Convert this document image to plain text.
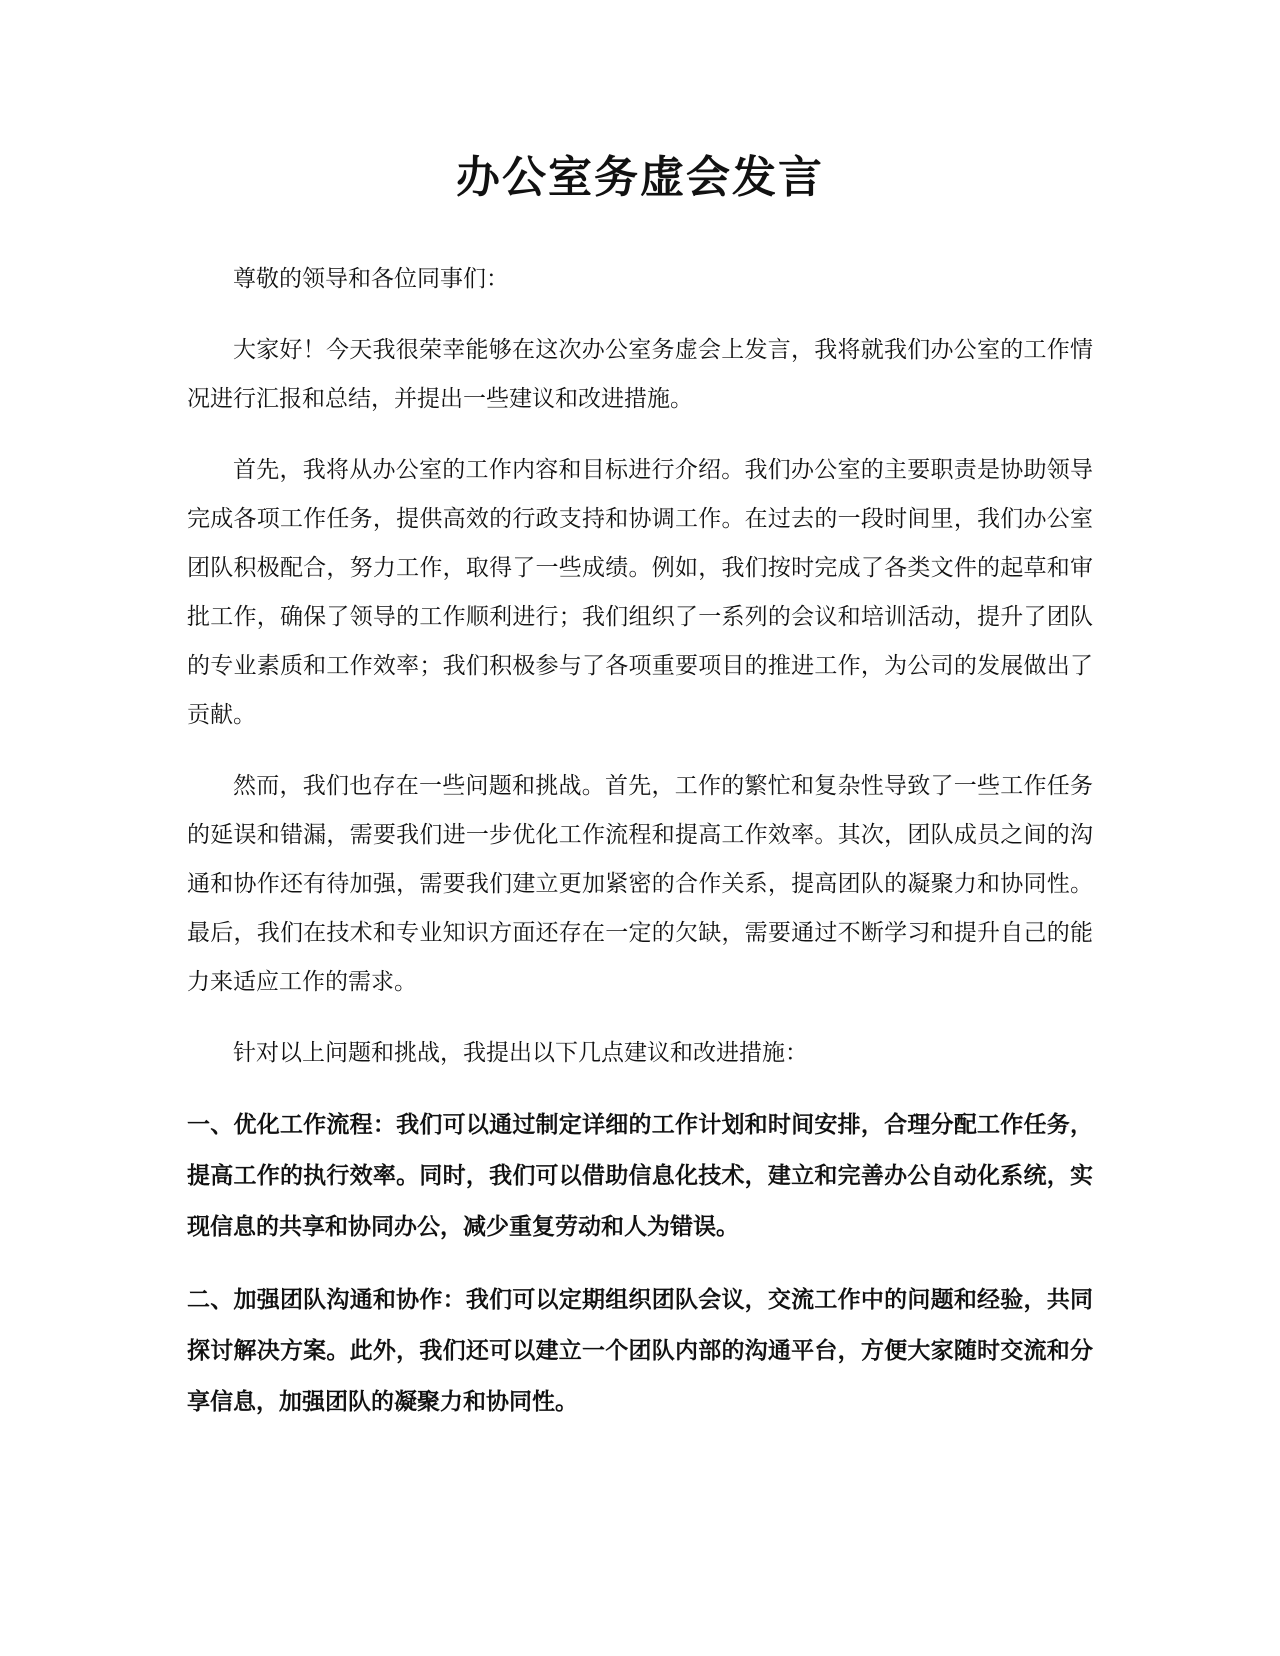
办公室务虚会发言

尊敬的领导和各位同事们：

大家好！今天我很荣幸能够在这次办公室务虚会上发言，我将就我们办公室的工作情况进行汇报和总结，并提出一些建议和改进措施。

首先，我将从办公室的工作内容和目标进行介绍。我们办公室的主要职责是协助领导完成各项工作任务，提供高效的行政支持和协调工作。在过去的一段时间里，我们办公室团队积极配合，努力工作，取得了一些成绩。例如，我们按时完成了各类文件的起草和审批工作，确保了领导的工作顺利进行；我们组织了一系列的会议和培训活动，提升了团队的专业素质和工作效率；我们积极参与了各项重要项目的推进工作，为公司的发展做出了贡献。

然而，我们也存在一些问题和挑战。首先，工作的繁忙和复杂性导致了一些工作任务的延误和错漏，需要我们进一步优化工作流程和提高工作效率。其次，团队成员之间的沟通和协作还有待加强，需要我们建立更加紧密的合作关系，提高团队的凝聚力和协同性。最后，我们在技术和专业知识方面还存在一定的欠缺，需要通过不断学习和提升自己的能力来适应工作的需求。

针对以上问题和挑战，我提出以下几点建议和改进措施：

一、优化工作流程：我们可以通过制定详细的工作计划和时间安排，合理分配工作任务，提高工作的执行效率。同时，我们可以借助信息化技术，建立和完善办公自动化系统，实现信息的共享和协同办公，减少重复劳动和人为错误。

二、加强团队沟通和协作：我们可以定期组织团队会议，交流工作中的问题和经验，共同探讨解决方案。此外，我们还可以建立一个团队内部的沟通平台，方便大家随时交流和分享信息，加强团队的凝聚力和协同性。
